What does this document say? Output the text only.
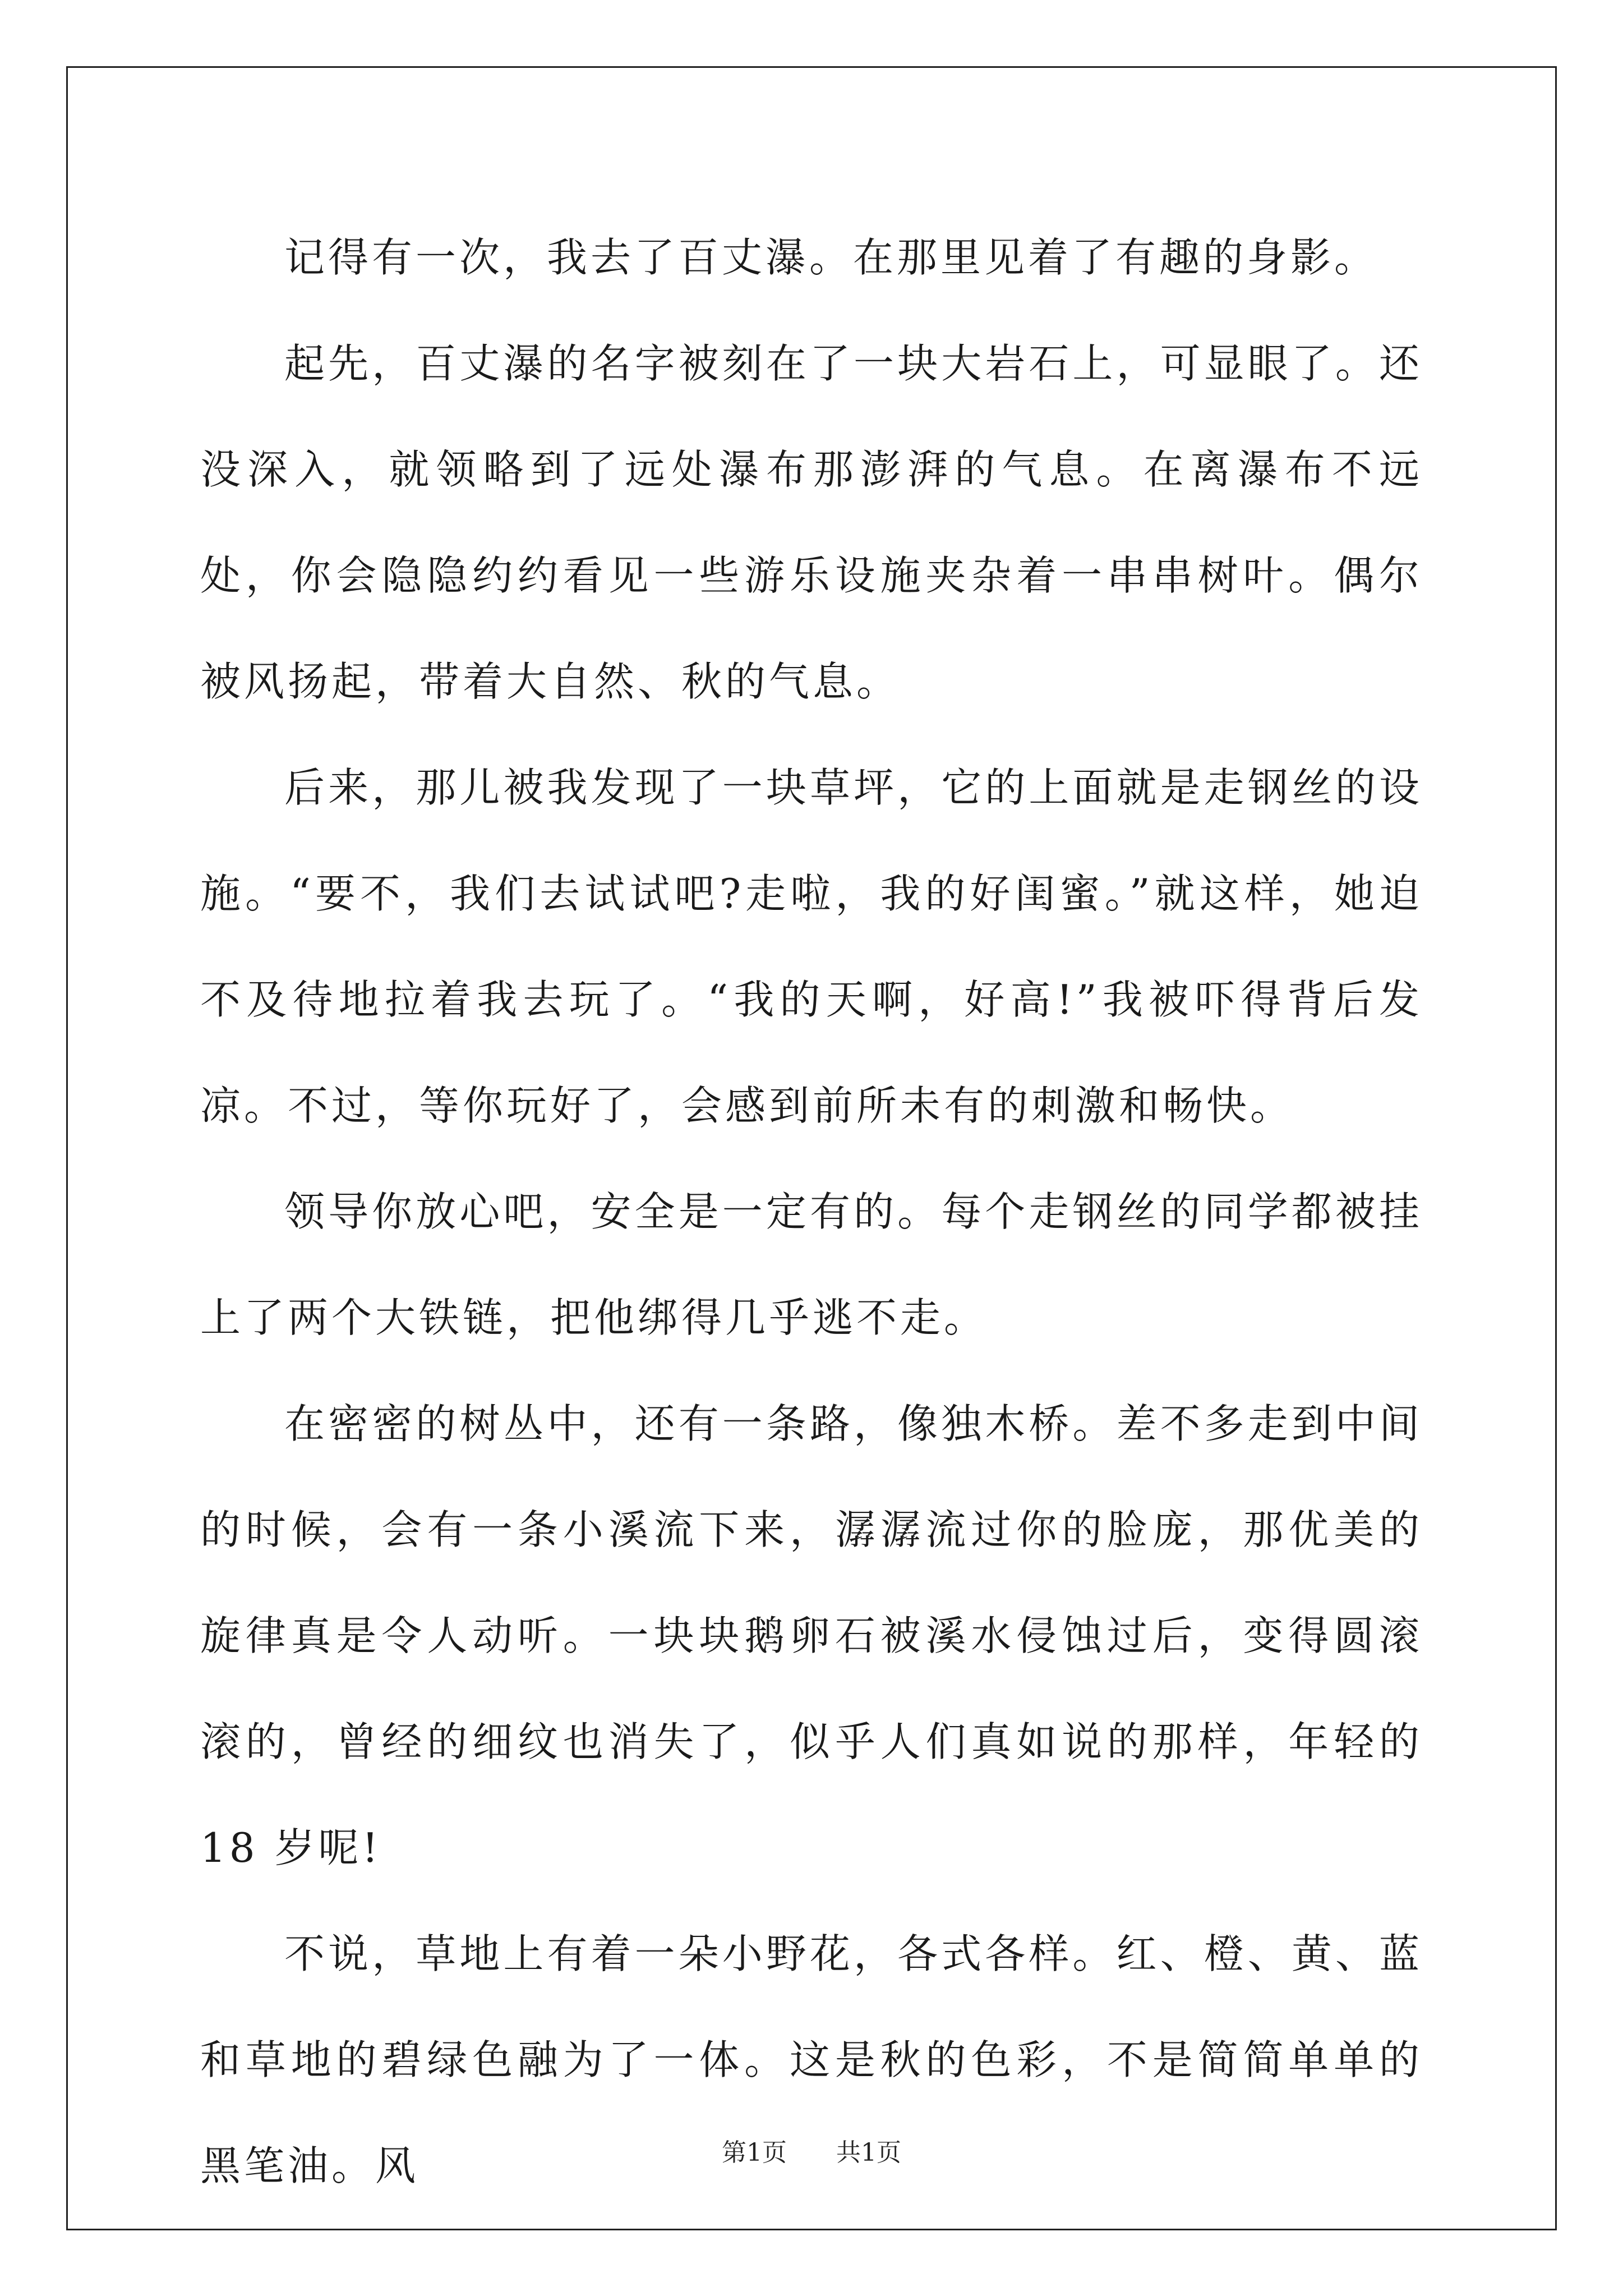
记得有一次，我去了百丈瀑。在那里见着了有趣的身影。

起先，百丈瀑的名字被刻在了一块大岩石上，可显眼了。还没深入，就领略到了远处瀑布那澎湃的气息。在离瀑布不远处，你会隐隐约约看见一些游乐设施夹杂着一串串树叶。偶尔被风扬起，带着大自然、秋的气息。

后来，那儿被我发现了一块草坪，它的上面就是走钢丝的设施。“要不，我们去试试吧?走啦，我的好闺蜜。”就这样，她迫不及待地拉着我去玩了。“我的天啊，好高!”我被吓得背后发凉。不过，等你玩好了，会感到前所未有的刺激和畅快。

领导你放心吧，安全是一定有的。每个走钢丝的同学都被挂上了两个大铁链，把他绑得几乎逃不走。

在密密的树丛中，还有一条路，像独木桥。差不多走到中间的时候，会有一条小溪流下来，潺潺流过你的脸庞，那优美的旋律真是令人动听。一块块鹅卵石被溪水侵蚀过后，变得圆滚滚的，曾经的细纹也消失了，似乎人们真如说的那样，年轻的 18 岁呢!

不说，草地上有着一朵小野花，各式各样。红、橙、黄、蓝和草地的碧绿色融为了一体。这是秋的色彩，不是简简单单的黑笔油。风	第1页 共1页
